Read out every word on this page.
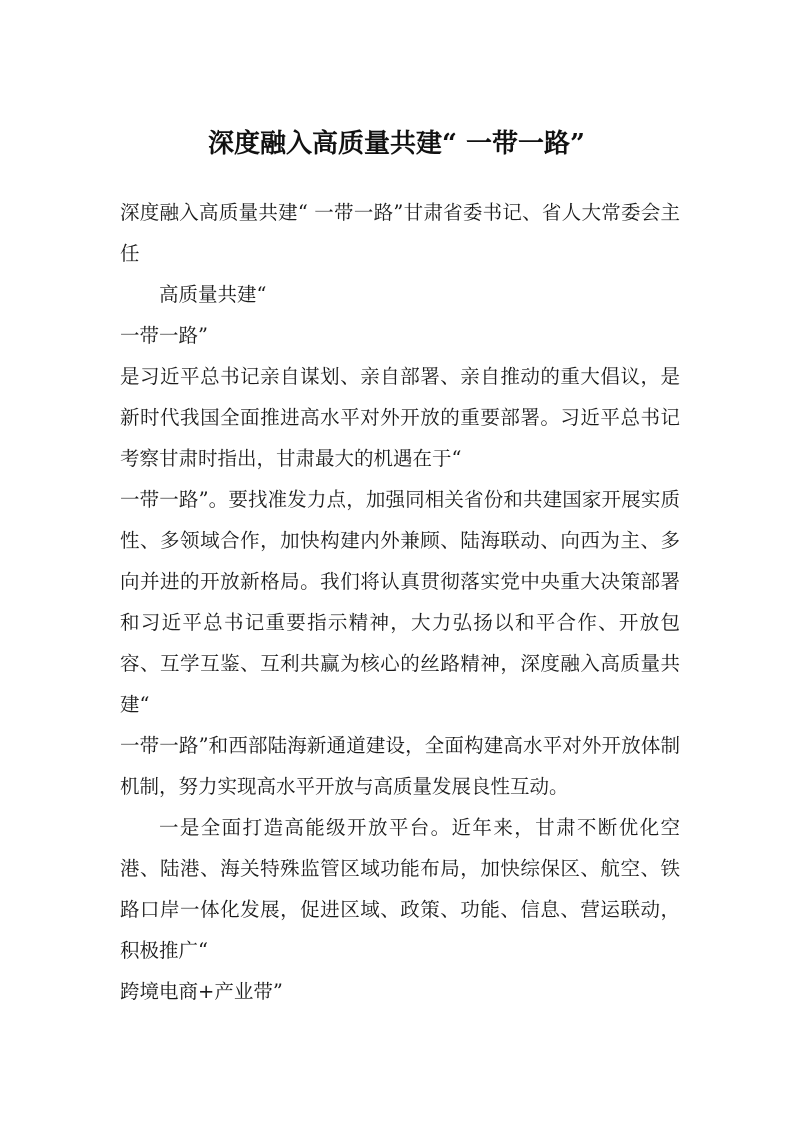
深度融入高质量共建“ 一带一路”

深度融入高质量共建“ 一带一路”甘肃省委书记、省人大常委会主任

高质量共建“

一带一路”

是习近平总书记亲自谋划、亲自部署、亲自推动的重大倡议，是新时代我国全面推进高水平对外开放的重要部署。习近平总书记考察甘肃时指出，甘肃最大的机遇在于“

一带一路”。要找准发力点，加强同相关省份和共建国家开展实质性、多领域合作，加快构建内外兼顾、陆海联动、向西为主、多向并进的开放新格局。我们将认真贯彻落实党中央重大决策部署和习近平总书记重要指示精神，大力弘扬以和平合作、开放包容、互学互鉴、互利共赢为核心的丝路精神，深度融入高质量共建“

一带一路”和西部陆海新通道建设，全面构建高水平对外开放体制机制，努力实现高水平开放与高质量发展良性互动。

一是全面打造高能级开放平台。近年来，甘肃不断优化空港、陆港、海关特殊监管区域功能布局，加快综保区、航空、铁路口岸一体化发展，促进区域、政策、功能、信息、营运联动，积极推广“

跨境电商+产业带”
